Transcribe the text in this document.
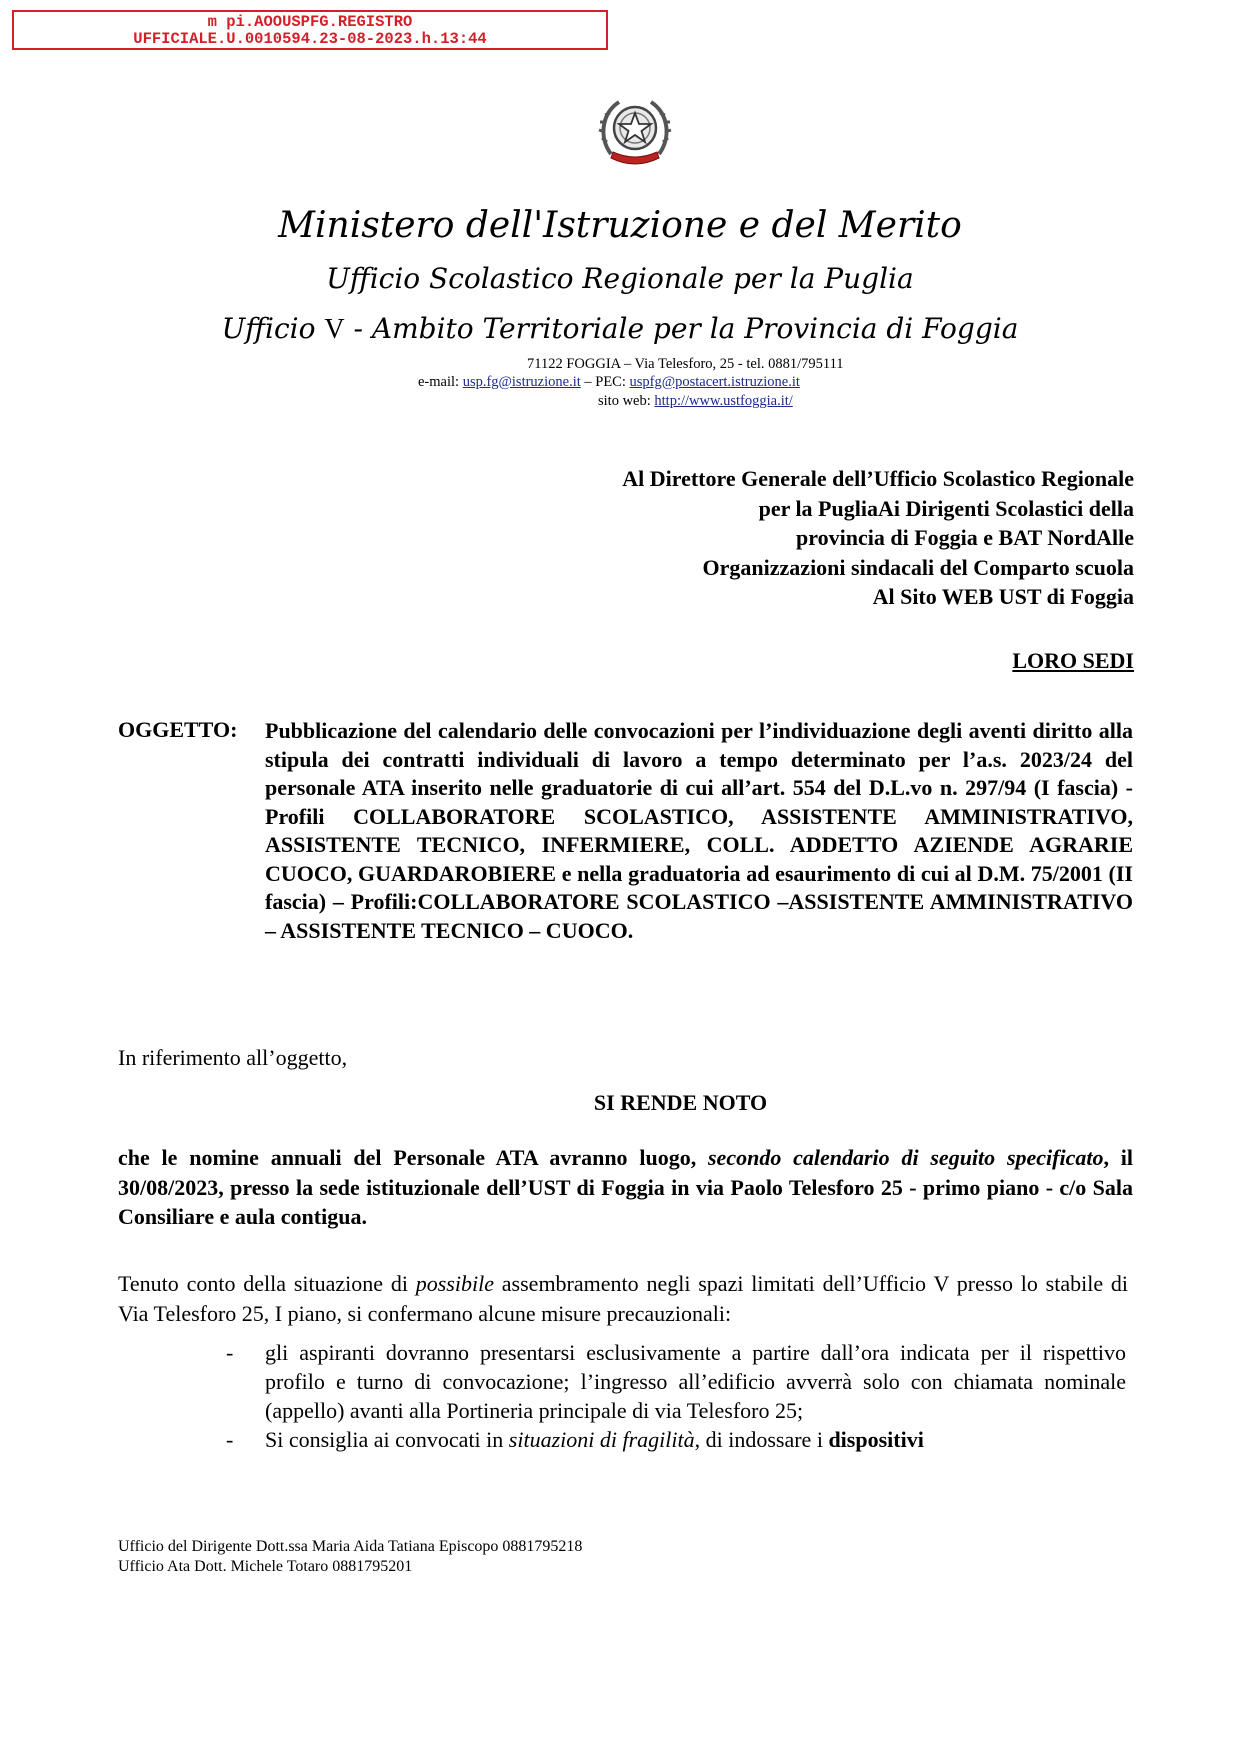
m pi.AOOUSPFG.REGISTRO
UFFICIALE.U.0010594.23-08-2023.h.13:44
Ministero dell'Istruzione e del Merito
Ufficio Scolastico Regionale per la Puglia
Ufficio V - Ambito Territoriale per la Provincia di Foggia
71122 FOGGIA – Via Telesforo, 25 - tel. 0881/795111
e-mail: usp.fg@istruzione.it – PEC: uspfg@postacert.istruzione.it
sito web: http://www.ustfoggia.it/
Al Direttore Generale dell’Ufficio Scolastico Regionale
per la PugliaAi Dirigenti Scolastici della
provincia di Foggia e BAT NordAlle
Organizzazioni sindacali del Comparto scuola
Al Sito WEB UST di Foggia
LORO SEDI
OGGETTO: Pubblicazione del calendario delle convocazioni per l’individuazione degli aventi diritto alla stipula dei contratti individuali di lavoro a tempo determinato per l’a.s. 2023/24 del personale ATA inserito nelle graduatorie di cui all’art. 554 del D.L.vo n. 297/94 (I fascia) - Profili COLLABORATORE SCOLASTICO, ASSISTENTE AMMINISTRATIVO, ASSISTENTE TECNICO, INFERMIERE, COLL. ADDETTO AZIENDE AGRARIE CUOCO, GUARDAROBIERE e nella graduatoria ad esaurimento di cui al D.M. 75/2001 (II fascia) – Profili:COLLABORATORE SCOLASTICO –ASSISTENTE AMMINISTRATIVO – ASSISTENTE TECNICO – CUOCO.
In riferimento all’oggetto,
SI RENDE NOTO
che le nomine annuali del Personale ATA avranno luogo, secondo calendario di seguito specificato, il 30/08/2023, presso la sede istituzionale dell’UST di Foggia in via Paolo Telesforo 25 - primo piano - c/o Sala Consiliare e aula contigua.
Tenuto conto della situazione di possibile assembramento negli spazi limitati dell’Ufficio V presso lo stabile di Via Telesforo 25, I piano, si confermano alcune misure precauzionali:
- gli aspiranti dovranno presentarsi esclusivamente a partire dall’ora indicata per il rispettivo profilo e turno di convocazione; l’ingresso all’edificio avverrà solo con chiamata nominale (appello) avanti alla Portineria principale di via Telesforo 25;
- Si consiglia ai convocati in situazioni di fragilità, di indossare i dispositivi
Ufficio del Dirigente Dott.ssa Maria Aida Tatiana Episcopo 0881795218
Ufficio Ata Dott. Michele Totaro 0881795201
